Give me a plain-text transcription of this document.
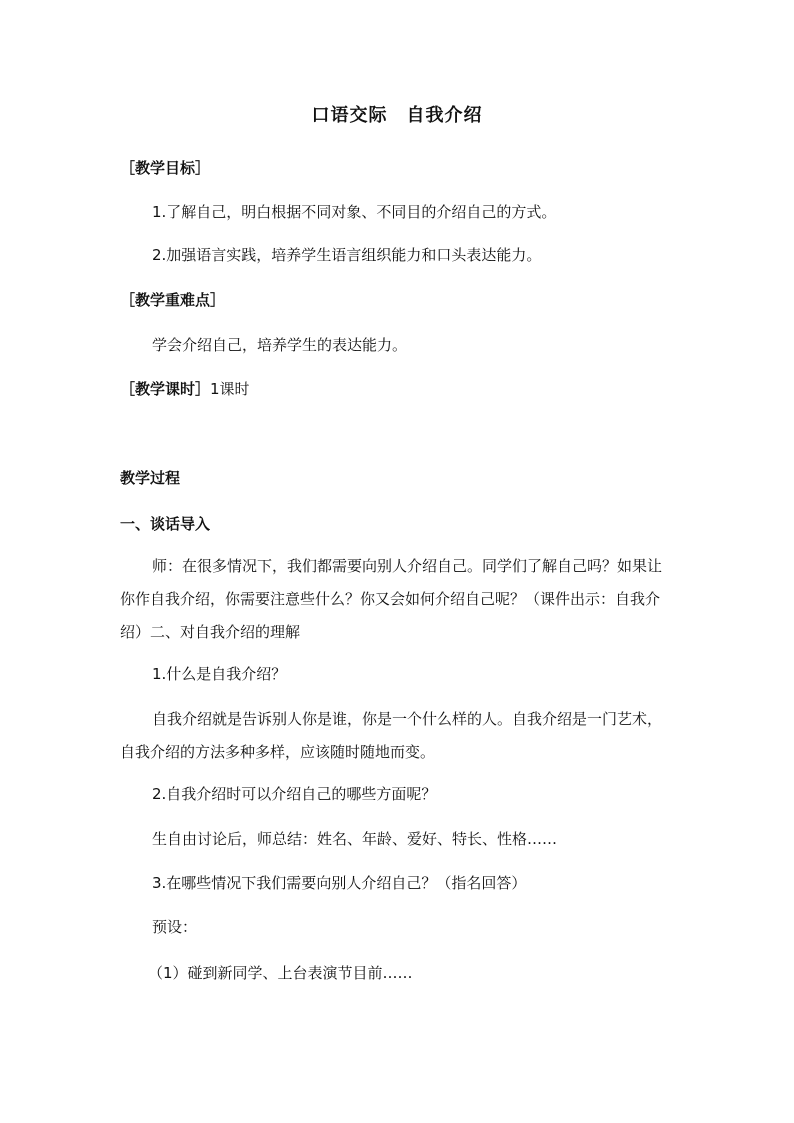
口语交际　自我介绍
［教学目标］
1.了解自己，明白根据不同对象、不同目的介绍自己的方式。
2.加强语言实践，培养学生语言组织能力和口头表达能力。
［教学重难点］
学会介绍自己，培养学生的表达能力。
［教学课时］1课时
教学过程
一、谈话导入
师：在很多情况下，我们都需要向别人介绍自己。同学们了解自己吗？如果让你作自我介绍，你需要注意些什么？你又会如何介绍自己呢？（课件出示：自我介绍）二、对自我介绍的理解
1.什么是自我介绍？
自我介绍就是告诉别人你是谁，你是一个什么样的人。自我介绍是一门艺术，自我介绍的方法多种多样，应该随时随地而变。
2.自我介绍时可以介绍自己的哪些方面呢？
生自由讨论后，师总结：姓名、年龄、爱好、特长、性格……
3.在哪些情况下我们需要向别人介绍自己？（指名回答）
预设：
（1）碰到新同学、上台表演节目前……
